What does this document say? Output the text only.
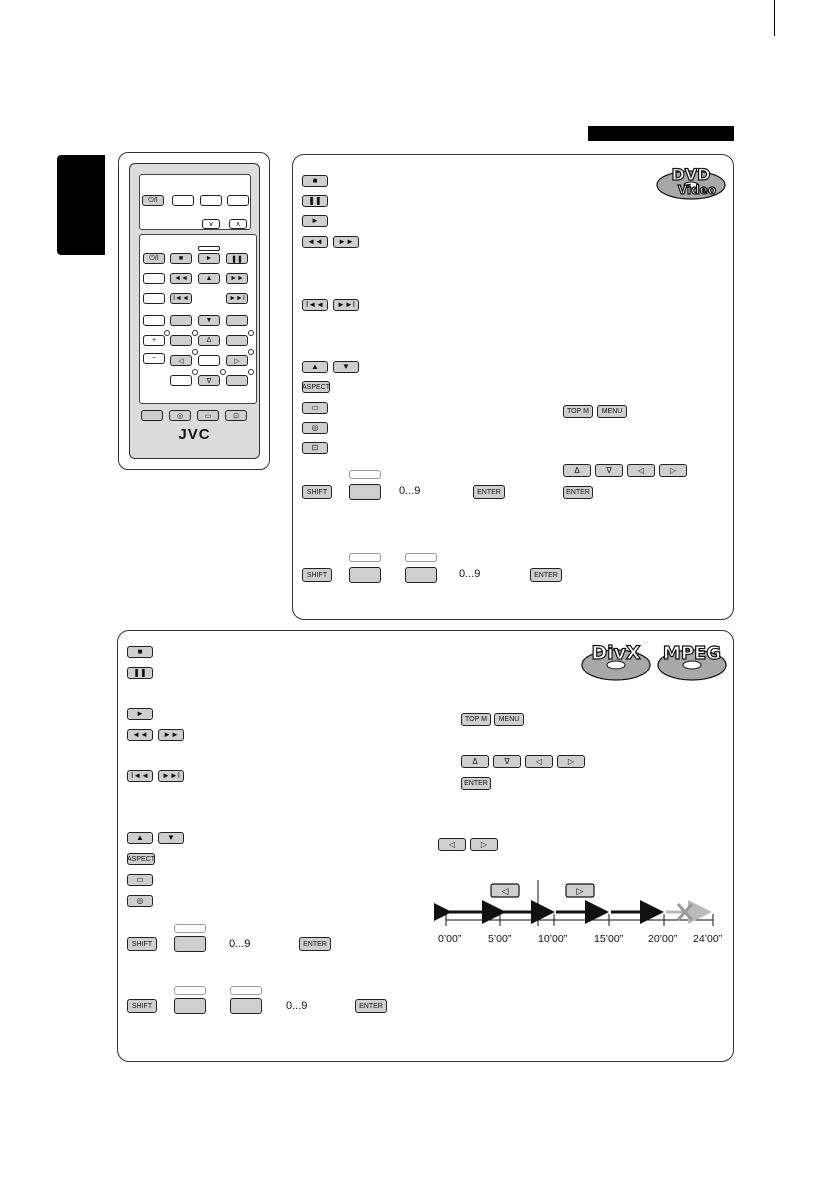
⏻/I
∨	∧
⏻/I
+
−
■	►	❚❚
◄◄	▲	►►
I◄◄	►►I
▼
Δ
◁	▷
∇
◎	▭	⊡
JVC
DVD
Video
■
❚❚
►
◄◄ ►►
I◄◄ ►►I
▲	▼
ASPECT
▭
◎
⊡
SHIFT	0...9	ENTER
SHIFT	0...9	ENTER
TOP M MENU
Δ	∇	◁	▷
ENTER
DivX MPEG
■
❚❚
►
◄◄ ►►
I◄◄ ►►I
▲	▼
ASPECT
▭
◎
SHIFT	0...9	ENTER
SHIFT	0...9	ENTER
TOP M MENU
Δ	∇	◁	▷
ENTER
◁	▷
◁	▷
0’00”	5’00”	10’00”	15’00” 20’00” 24’00”
